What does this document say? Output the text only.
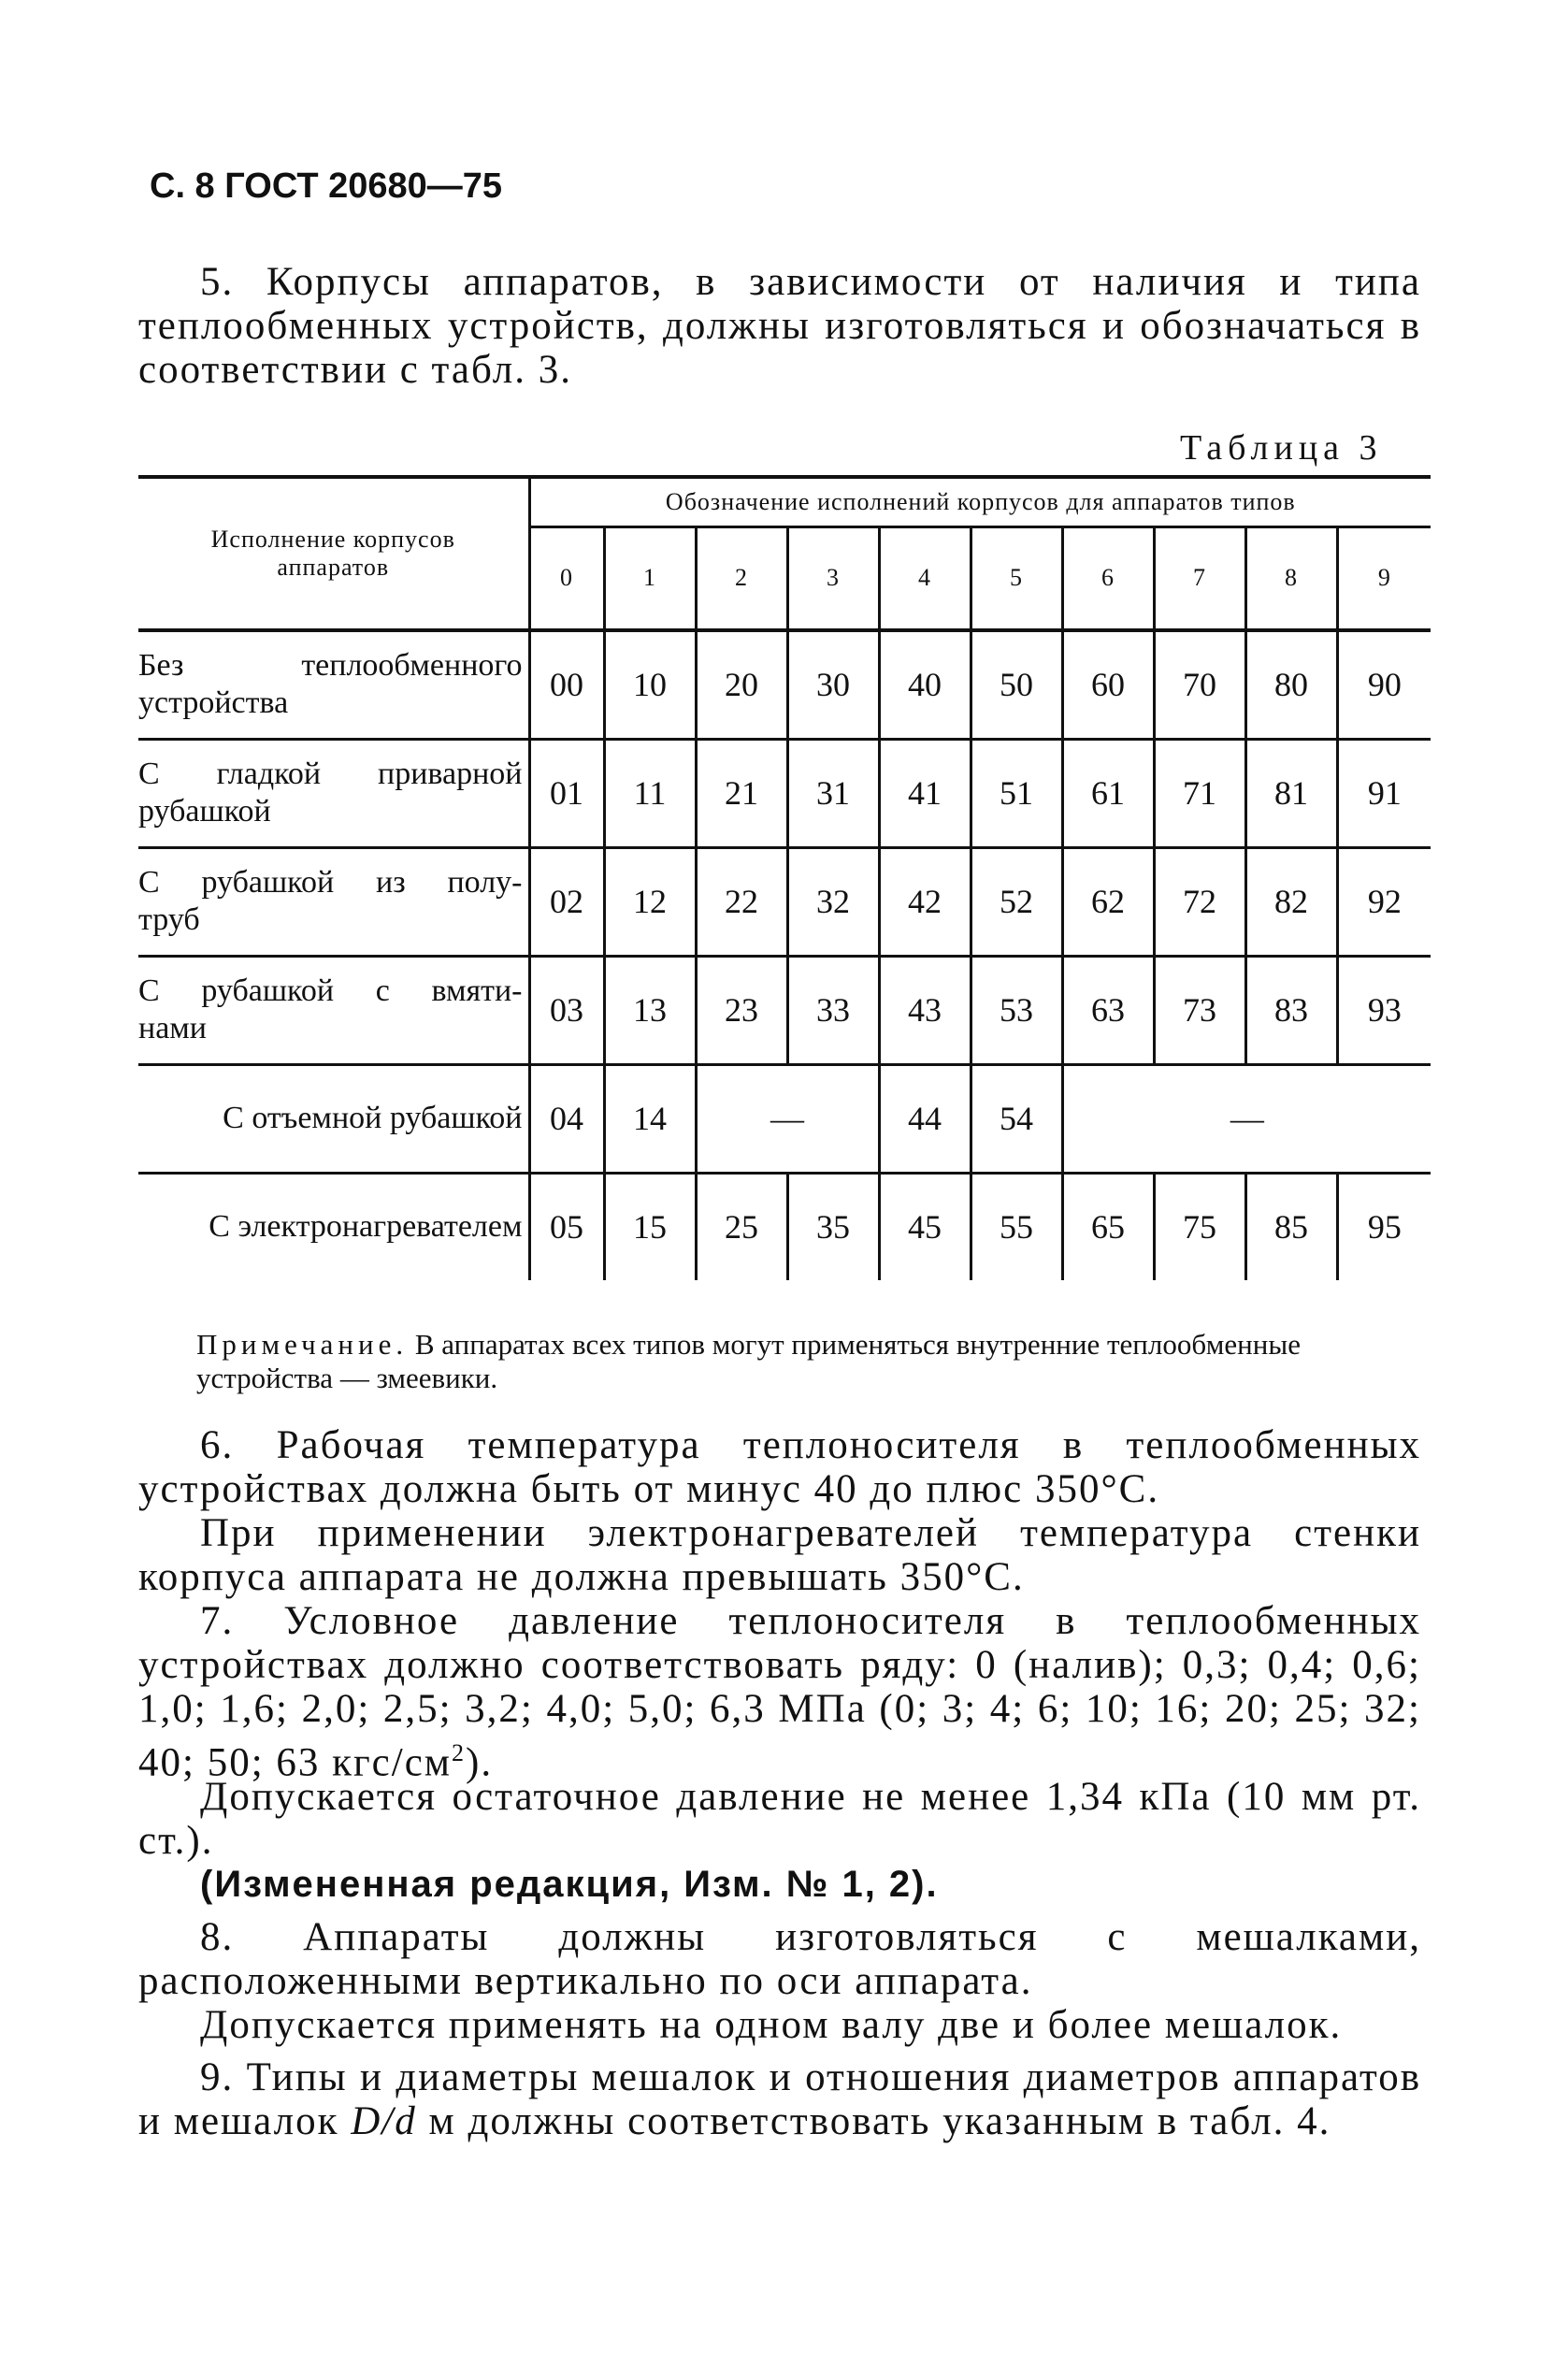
С. 8 ГОСТ 20680—75
5. Корпусы аппаратов, в зависимости от наличия и типа теплообменных устройств, должны изготовляться и обозначаться в соответствии с табл. 3.
Таблица 3
Исполнение корпусов аппаратов	Обозначение исполнений корпусов для аппаратов типов									
	0	1	2	3	4	5	6	7	8	9

Без теплообменного
устройства	00	10	20	30	40	50	60	70	80	90

С гладкой приварной
рубашкой	01	11	21	31	41	51	61	71	81	91

С рубашкой из полу-
труб	02	12	22	32	42	52	62	72	82	92

С рубашкой с вмяти-
нами	03	13	23	33	43	53	63	73	83	93
С отъемной рубашкой	04	14	—		44	54	—			
С электронагревателем	05	15	25	35	45	55	65	75	85	95
Примечание. В аппаратах всех типов могут применяться внутренние теплообменные устройства — змеевики.
6. Рабочая температура теплоносителя в теплообменных устройствах должна быть от минус 40 до плюс 350°С.
При применении электронагревателей температура стенки корпуса аппарата не должна превышать 350°С.
7. Условное давление теплоносителя в теплообменных устройствах должно соответствовать ряду: 0 (налив); 0,3; 0,4; 0,6; 1,0; 1,6; 2,0; 2,5; 3,2; 4,0; 5,0; 6,3 МПа (0; 3; 4; 6; 10; 16; 20; 25; 32; 40; 50; 63 кгс/$см^2$).
Допускается остаточное давление не менее 1,34 кПа (10 мм рт. ст.).
(Измененная редакция, Изм. № 1, 2).
8. Аппараты должны изготовляться с мешалками, расположенными вертикально по оси аппарата.
Допускается применять на одном валу две и более мешалок.
9. Типы и диаметры мешалок и отношения диаметров аппаратов и мешалок D/d м должны соответствовать указанным в табл. 4.
